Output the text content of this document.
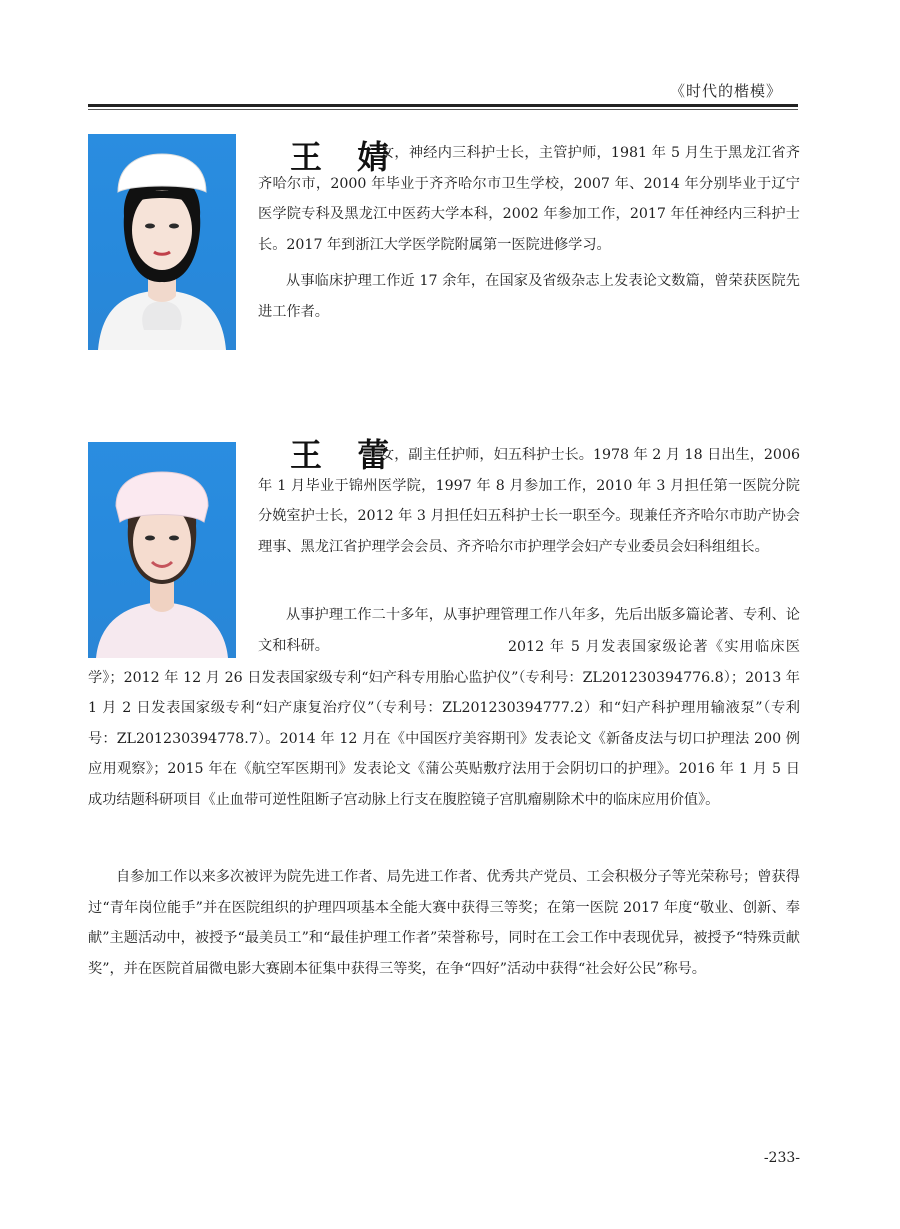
《时代的楷模》
王 婧

女，神经内三科护士长，主管护师，1981 年 5 月生于黑龙江省齐齐哈尔市，2000 年毕业于齐齐哈尔市卫生学校，2007 年、2014 年分别毕业于辽宁医学院专科及黑龙江中医药大学本科，2002 年参加工作，2017 年任神经内三科护士长。2017 年到浙江大学医学院附属第一医院进修学习。

从事临床护理工作近 17 余年，在国家及省级杂志上发表论文数篇，曾荣获医院先进工作者。

王 蕾

女，副主任护师，妇五科护士长。1978 年 2 月 18 日出生，2006 年 1 月毕业于锦州医学院，1997 年 8 月参加工作，2010 年 3 月担任第一医院分院分娩室护士长，2012 年 3 月担任妇五科护士长一职至今。现兼任齐齐哈尔市助产协会理事、黑龙江省护理学会会员、齐齐哈尔市护理学会妇产专业委员会妇科组组长。

从事护理工作二十多年，从事护理管理工作八年多，先后出版多篇论著、专利、论文和科研。	2012 年 5 月发表国家级论著《实用临床医学》；2012 年 12 月 26 日发表国家级专利“妇产科专用胎心监护仪”（专利号：ZL201230394776.8）；2013 年 1 月 2 日发表国家级专利“妇产康复治疗仪”（专利号：ZL201230394777.2）和“妇产科护理用输液泵”（专利号：ZL201230394778.7）。2014 年 12 月在《中国医疗美容期刊》发表论文《新备皮法与切口护理法 200 例应用观察》；2015 年在《航空军医期刊》发表论文《蒲公英贴敷疗法用于会阴切口的护理》。2016 年 1 月 5 日成功结题科研项目《止血带可逆性阻断子宫动脉上行支在腹腔镜子宫肌瘤剔除术中的临床应用价值》。

自参加工作以来多次被评为院先进工作者、局先进工作者、优秀共产党员、工会积极分子等光荣称号；曾获得过“青年岗位能手”并在医院组织的护理四项基本全能大赛中获得三等奖；在第一医院 2017 年度“敬业、创新、奉献”主题活动中，被授予“最美员工”和“最佳护理工作者”荣誉称号，同时在工会工作中表现优异，被授予“特殊贡献奖”，并在医院首届微电影大赛剧本征集中获得三等奖，在争“四好”活动中获得“社会好公民”称号。

-233-
